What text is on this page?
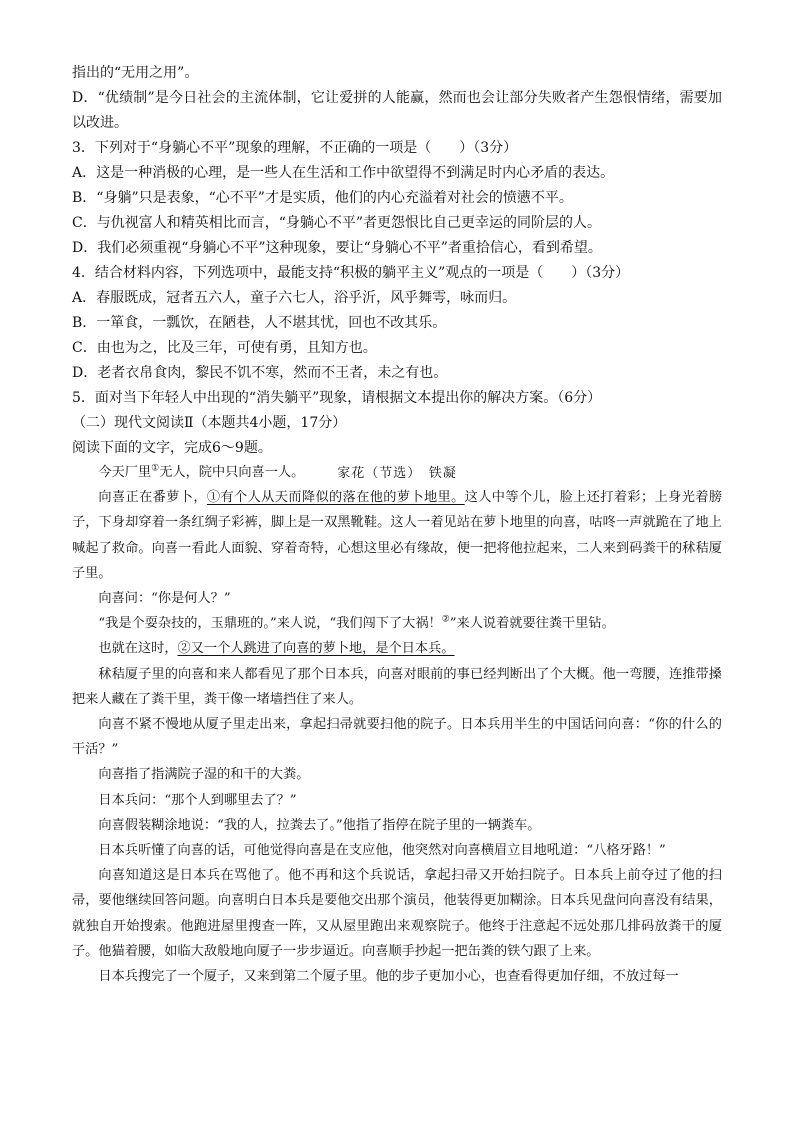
指出的“无用之用”。

D．“优绩制”是今日社会的主流体制，它让爱拼的人能赢，然而也会让部分失败者产生怨恨情绪，需要加以改进。

3．下列对于“身躺心不平”现象的理解，不正确的一项是（　　）（3分）

A．这是一种消极的心理，是一些人在生活和工作中欲望得不到满足时内心矛盾的表达。

B．“身躺”只是表象，“心不平”才是实质，他们的内心充溢着对社会的愤懑不平。

C．与仇视富人和精英相比而言，“身躺心不平”者更怨恨比自己更幸运的同阶层的人。

D．我们必须重视“身躺心不平”这种现象，要让“身躺心不平”者重拾信心，看到希望。

4．结合材料内容，下列选项中，最能支持“积极的躺平主义”观点的一项是（　　）（3分）

A．春服既成，冠者五六人，童子六七人，浴乎沂，风乎舞雩，咏而归。

B．一箪食，一瓢饮，在陋巷，人不堪其忧，回也不改其乐。

C．由也为之，比及三年，可使有勇，且知方也。

D．老者衣帛食肉，黎民不饥不寒，然而不王者，未之有也。

5．面对当下年轻人中出现的“消失躺平”现象，请根据文本提出你的解决方案。（6分）

（二）现代文阅读Ⅱ（本题共4小题，17分）

阅读下面的文字，完成6～9题。

家花（节选）　铁凝

今天厂里①无人，院中只向喜一人。

向喜正在番萝卜，①有个人从天而降似的落在他的萝卜地里。这人中等个儿，脸上还打着彩；上身光着膀子，下身却穿着一条红绸子彩裤，脚上是一双黑靴鞋。这人一着见站在萝卜地里的向喜，咕咚一声就跪在了地上喊起了救命。向喜一看此人面貌、穿着奇特，心想这里必有缘故，便一把将他拉起来，二人来到码粪干的秫秸厦子里。

向喜问：“你是何人？”

“我是个耍杂技的，玉鼎班的。”来人说，“我们闯下了大祸！②”来人说着就要往粪干里钻。

也就在这时，②又一个人跳进了向喜的萝卜地，是个日本兵。

秫秸厦子里的向喜和来人都看见了那个日本兵，向喜对眼前的事已经判断出了个大概。他一弯腰，连推带搡把来人藏在了粪干里，粪干像一堵墙挡住了来人。

向喜不紧不慢地从厦子里走出来，拿起扫帚就要扫他的院子。日本兵用半生的中国话问向喜：“你的什么的干活？”

向喜指了指满院子湿的和干的大粪。

日本兵问：“那个人到哪里去了？”

向喜假装糊涂地说：“我的人，拉粪去了。”他指了指停在院子里的一辆粪车。

日本兵听懂了向喜的话，可他觉得向喜是在支应他，他突然对向喜横眉立目地吼道：“八格牙路！”

向喜知道这是日本兵在骂他了。他不再和这个兵说话，拿起扫帚又开始扫院子。日本兵上前夺过了他的扫帚，要他继续回答问题。向喜明白日本兵是要他交出那个演员，他装得更加糊涂。日本兵见盘问向喜没有结果，就独自开始搜索。他跑进屋里搜查一阵，又从屋里跑出来观察院子。他终于注意起不远处那几排码放粪干的厦子。他猫着腰，如临大敌般地向厦子一步步逼近。向喜顺手抄起一把缶粪的铁勺跟了上来。

日本兵搜完了一个厦子，又来到第二个厦子里。他的步子更加小心，也查看得更加仔细，不放过每一
